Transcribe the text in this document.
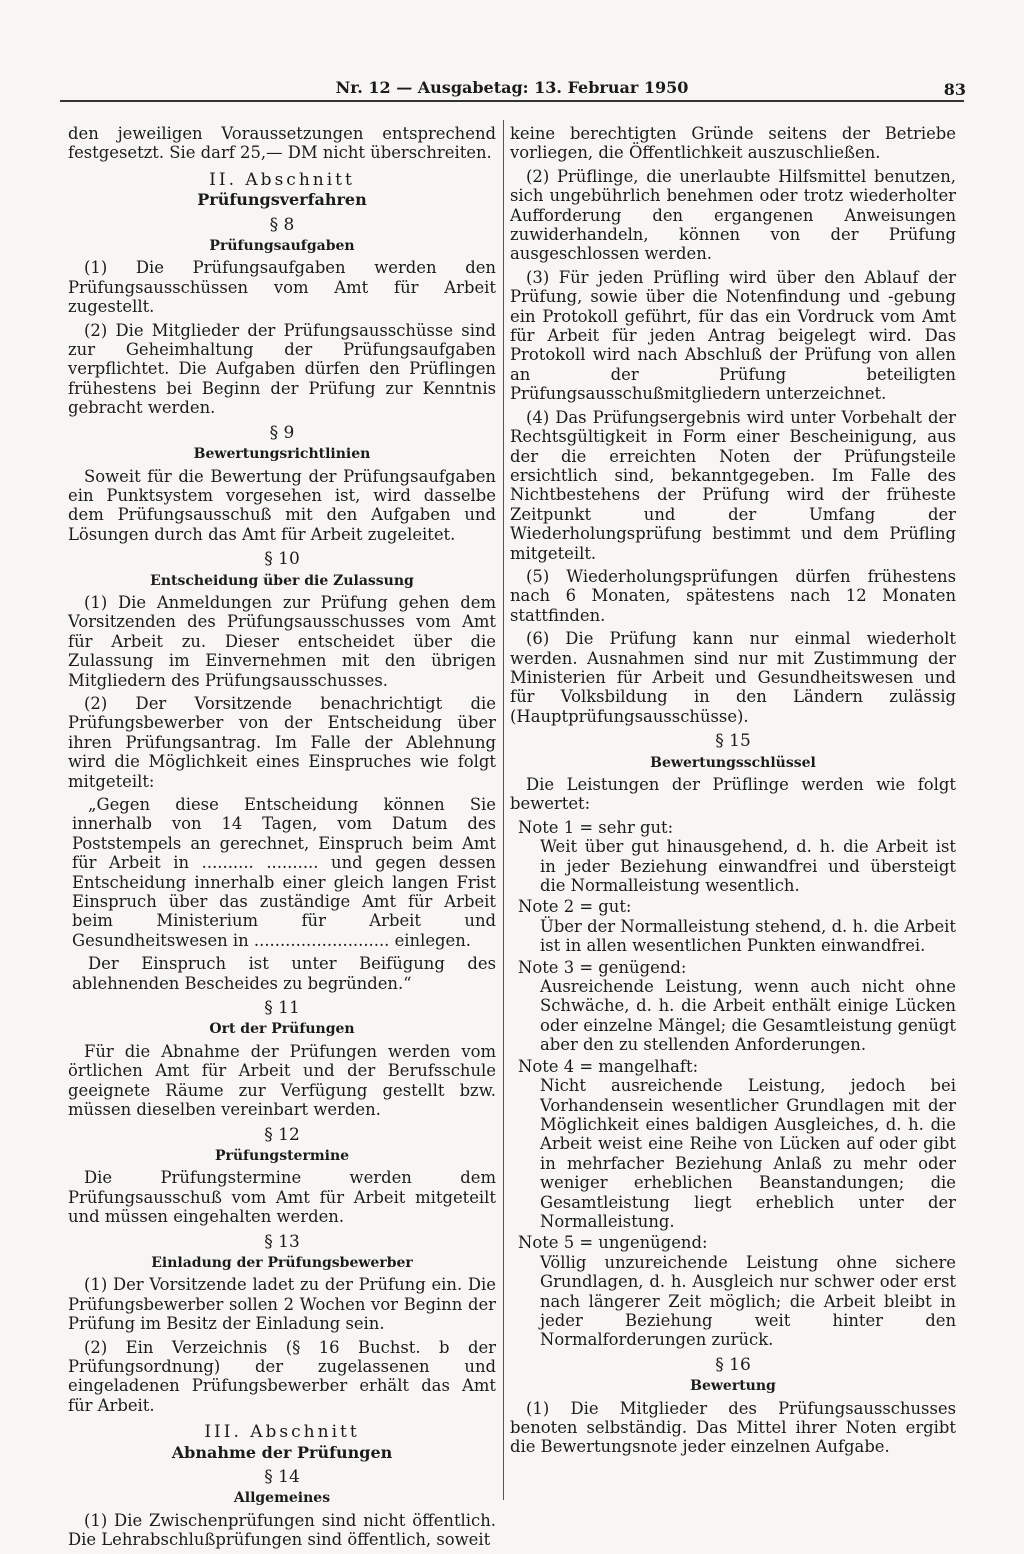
Nr. 12 — Ausgabetag: 13. Februar 1950	83

den jeweiligen Voraussetzungen entsprechend festgesetzt. Sie darf 25,— DM nicht überschreiten.

II. Abschnitt

Prüfungsverfahren

§ 8

Prüfungsaufgaben

(1) Die Prüfungsaufgaben werden den Prüfungsausschüssen vom Amt für Arbeit zugestellt.

(2) Die Mitglieder der Prüfungsausschüsse sind zur Geheimhaltung der Prüfungsaufgaben verpflichtet. Die Aufgaben dürfen den Prüflingen frühestens bei Beginn der Prüfung zur Kenntnis gebracht werden.

§ 9

Bewertungsrichtlinien

Soweit für die Bewertung der Prüfungsaufgaben ein Punktsystem vorgesehen ist, wird dasselbe dem Prüfungsausschuß mit den Aufgaben und Lösungen durch das Amt für Arbeit zugeleitet.

§ 10

Entscheidung über die Zulassung

(1) Die Anmeldungen zur Prüfung gehen dem Vorsitzenden des Prüfungsausschusses vom Amt für Arbeit zu. Dieser entscheidet über die Zulassung im Einvernehmen mit den übrigen Mitgliedern des Prüfungsausschusses.

(2) Der Vorsitzende benachrichtigt die Prüfungsbewerber von der Entscheidung über ihren Prüfungsantrag. Im Falle der Ablehnung wird die Möglichkeit eines Einspruches wie folgt mitgeteilt:

„Gegen diese Entscheidung können Sie innerhalb von 14 Tagen, vom Datum des Poststempels an gerechnet, Einspruch beim Amt für Arbeit in .......... .......... und gegen dessen Entscheidung innerhalb einer gleich langen Frist Einspruch über das zuständige Amt für Arbeit beim Ministerium für Arbeit und Gesundheitswesen in .......................... einlegen.

Der Einspruch ist unter Beifügung des ablehnenden Bescheides zu begründen.“

§ 11

Ort der Prüfungen

Für die Abnahme der Prüfungen werden vom örtlichen Amt für Arbeit und der Berufsschule geeignete Räume zur Verfügung gestellt bzw. müssen dieselben vereinbart werden.

§ 12

Prüfungstermine

Die Prüfungstermine werden dem Prüfungsausschuß vom Amt für Arbeit mitgeteilt und müssen eingehalten werden.

§ 13

Einladung der Prüfungsbewerber

(1) Der Vorsitzende ladet zu der Prüfung ein. Die Prüfungsbewerber sollen 2 Wochen vor Beginn der Prüfung im Besitz der Einladung sein.

(2) Ein Verzeichnis (§ 16 Buchst. b der Prüfungsordnung) der zugelassenen und eingeladenen Prüfungsbewerber erhält das Amt für Arbeit.

III. Abschnitt

Abnahme der Prüfungen

§ 14

Allgemeines

(1) Die Zwischenprüfungen sind nicht öffentlich. Die Lehrabschlußprüfungen sind öffentlich, soweit

keine berechtigten Gründe seitens der Betriebe vorliegen, die Öffentlichkeit auszuschließen.

(2) Prüflinge, die unerlaubte Hilfsmittel benutzen, sich ungebührlich benehmen oder trotz wiederholter Aufforderung den ergangenen Anweisungen zuwiderhandeln, können von der Prüfung ausgeschlossen werden.

(3) Für jeden Prüfling wird über den Ablauf der Prüfung, sowie über die Notenfindung und -gebung ein Protokoll geführt, für das ein Vordruck vom Amt für Arbeit für jeden Antrag beigelegt wird. Das Protokoll wird nach Abschluß der Prüfung von allen an der Prüfung beteiligten Prüfungsausschußmitgliedern unterzeichnet.

(4) Das Prüfungsergebnis wird unter Vorbehalt der Rechtsgültigkeit in Form einer Bescheinigung, aus der die erreichten Noten der Prüfungsteile ersichtlich sind, bekanntgegeben. Im Falle des Nichtbestehens der Prüfung wird der früheste Zeitpunkt und der Umfang der Wiederholungsprüfung bestimmt und dem Prüfling mitgeteilt.

(5) Wiederholungsprüfungen dürfen frühestens nach 6 Monaten, spätestens nach 12 Monaten stattfinden.

(6) Die Prüfung kann nur einmal wiederholt werden. Ausnahmen sind nur mit Zustimmung der Ministerien für Arbeit und Gesundheitswesen und für Volksbildung in den Ländern zulässig (Hauptprüfungsausschüsse).

§ 15

Bewertungsschlüssel

Die Leistungen der Prüflinge werden wie folgt bewertet:

Note 1 = sehr gut:

Weit über gut hinausgehend, d. h. die Arbeit ist in jeder Beziehung einwandfrei und übersteigt die Normalleistung wesentlich.

Note 2 = gut:

Über der Normalleistung stehend, d. h. die Arbeit ist in allen wesentlichen Punkten einwandfrei.

Note 3 = genügend:

Ausreichende Leistung, wenn auch nicht ohne Schwäche, d. h. die Arbeit enthält einige Lücken oder einzelne Mängel; die Gesamtleistung genügt aber den zu stellenden Anforderungen.

Note 4 = mangelhaft:

Nicht ausreichende Leistung, jedoch bei Vorhandensein wesentlicher Grundlagen mit der Möglichkeit eines baldigen Ausgleiches, d. h. die Arbeit weist eine Reihe von Lücken auf oder gibt in mehrfacher Beziehung Anlaß zu mehr oder weniger erheblichen Beanstandungen; die Gesamtleistung liegt erheblich unter der Normalleistung.

Note 5 = ungenügend:

Völlig unzureichende Leistung ohne sichere Grundlagen, d. h. Ausgleich nur schwer oder erst nach längerer Zeit möglich; die Arbeit bleibt in jeder Beziehung weit hinter den Normalforderungen zurück.

§ 16

Bewertung

(1) Die Mitglieder des Prüfungsausschusses benoten selbständig. Das Mittel ihrer Noten ergibt die Bewertungsnote jeder einzelnen Aufgabe.
